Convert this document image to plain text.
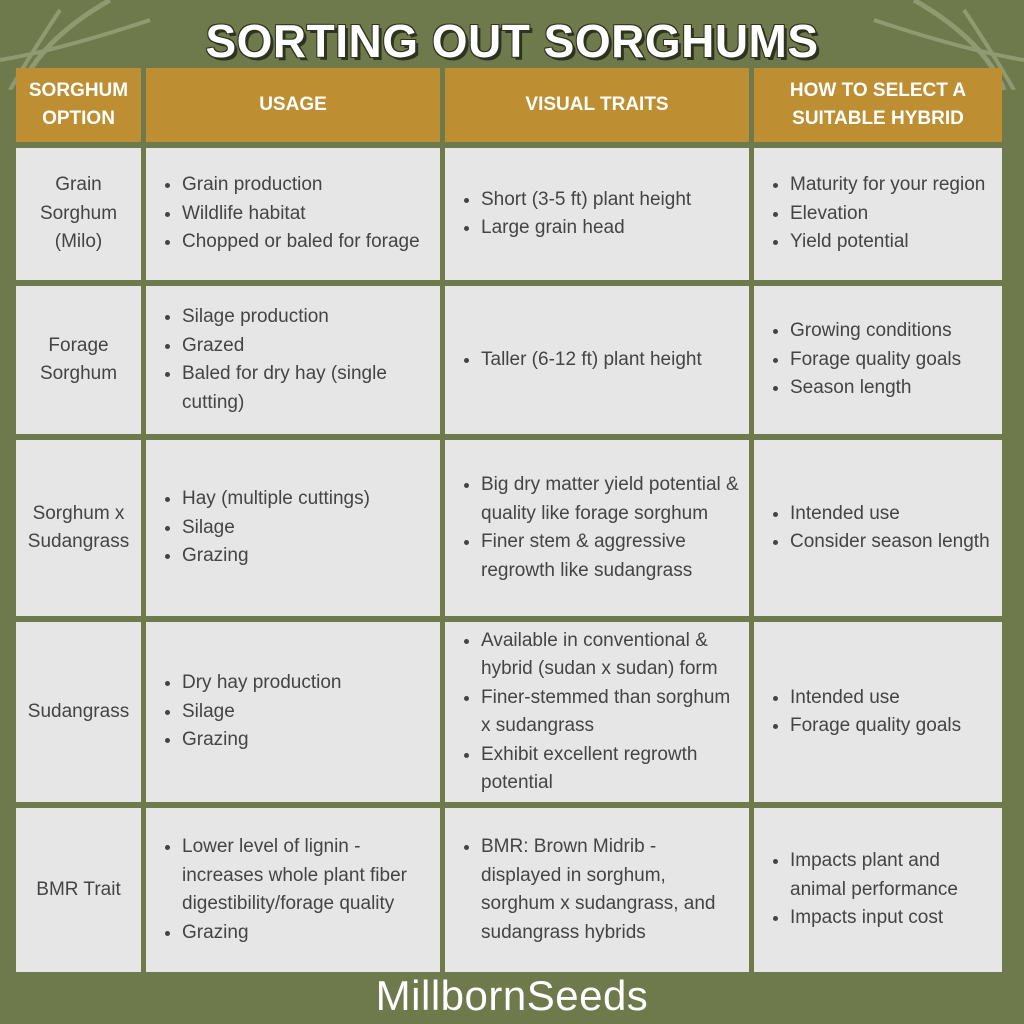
SORTING OUT SORGHUMS
SORGHUM OPTION
USAGE	VISUAL TRAITS
HOW TO SELECT A SUITABLE HYBRID
Grain Sorghum (Milo)
• Grain production
• Wildlife habitat
• Chopped or baled for forage
• Short (3-5 ft) plant height
• Large grain head
• Maturity for your region
• Elevation
• Yield potential
Forage Sorghum
• Silage production
• Grazed
• Baled for dry hay (single cutting)
• Taller (6-12 ft) plant height
• Growing conditions
• Forage quality goals
• Season length
Sorghum x Sudangrass
• Hay (multiple cuttings)
• Silage
• Grazing
• Big dry matter yield potential & quality like forage sorghum
• Finer stem & aggressive regrowth like sudangrass
• Intended use
• Consider season length
Sudangrass
• Dry hay production
• Silage
• Grazing
• Available in conventional & hybrid (sudan x sudan) form
• Finer-stemmed than sorghum x sudangrass
• Exhibit excellent regrowth potential
• Intended use
• Forage quality goals
BMR Trait
• Lower level of lignin - increases whole plant fiber digestibility/forage quality
• Grazing
• BMR: Brown Midrib - displayed in sorghum, sorghum x sudangrass, and sudangrass hybrids
• Impacts plant and animal performance
• Impacts input cost
MillbornSeeds
